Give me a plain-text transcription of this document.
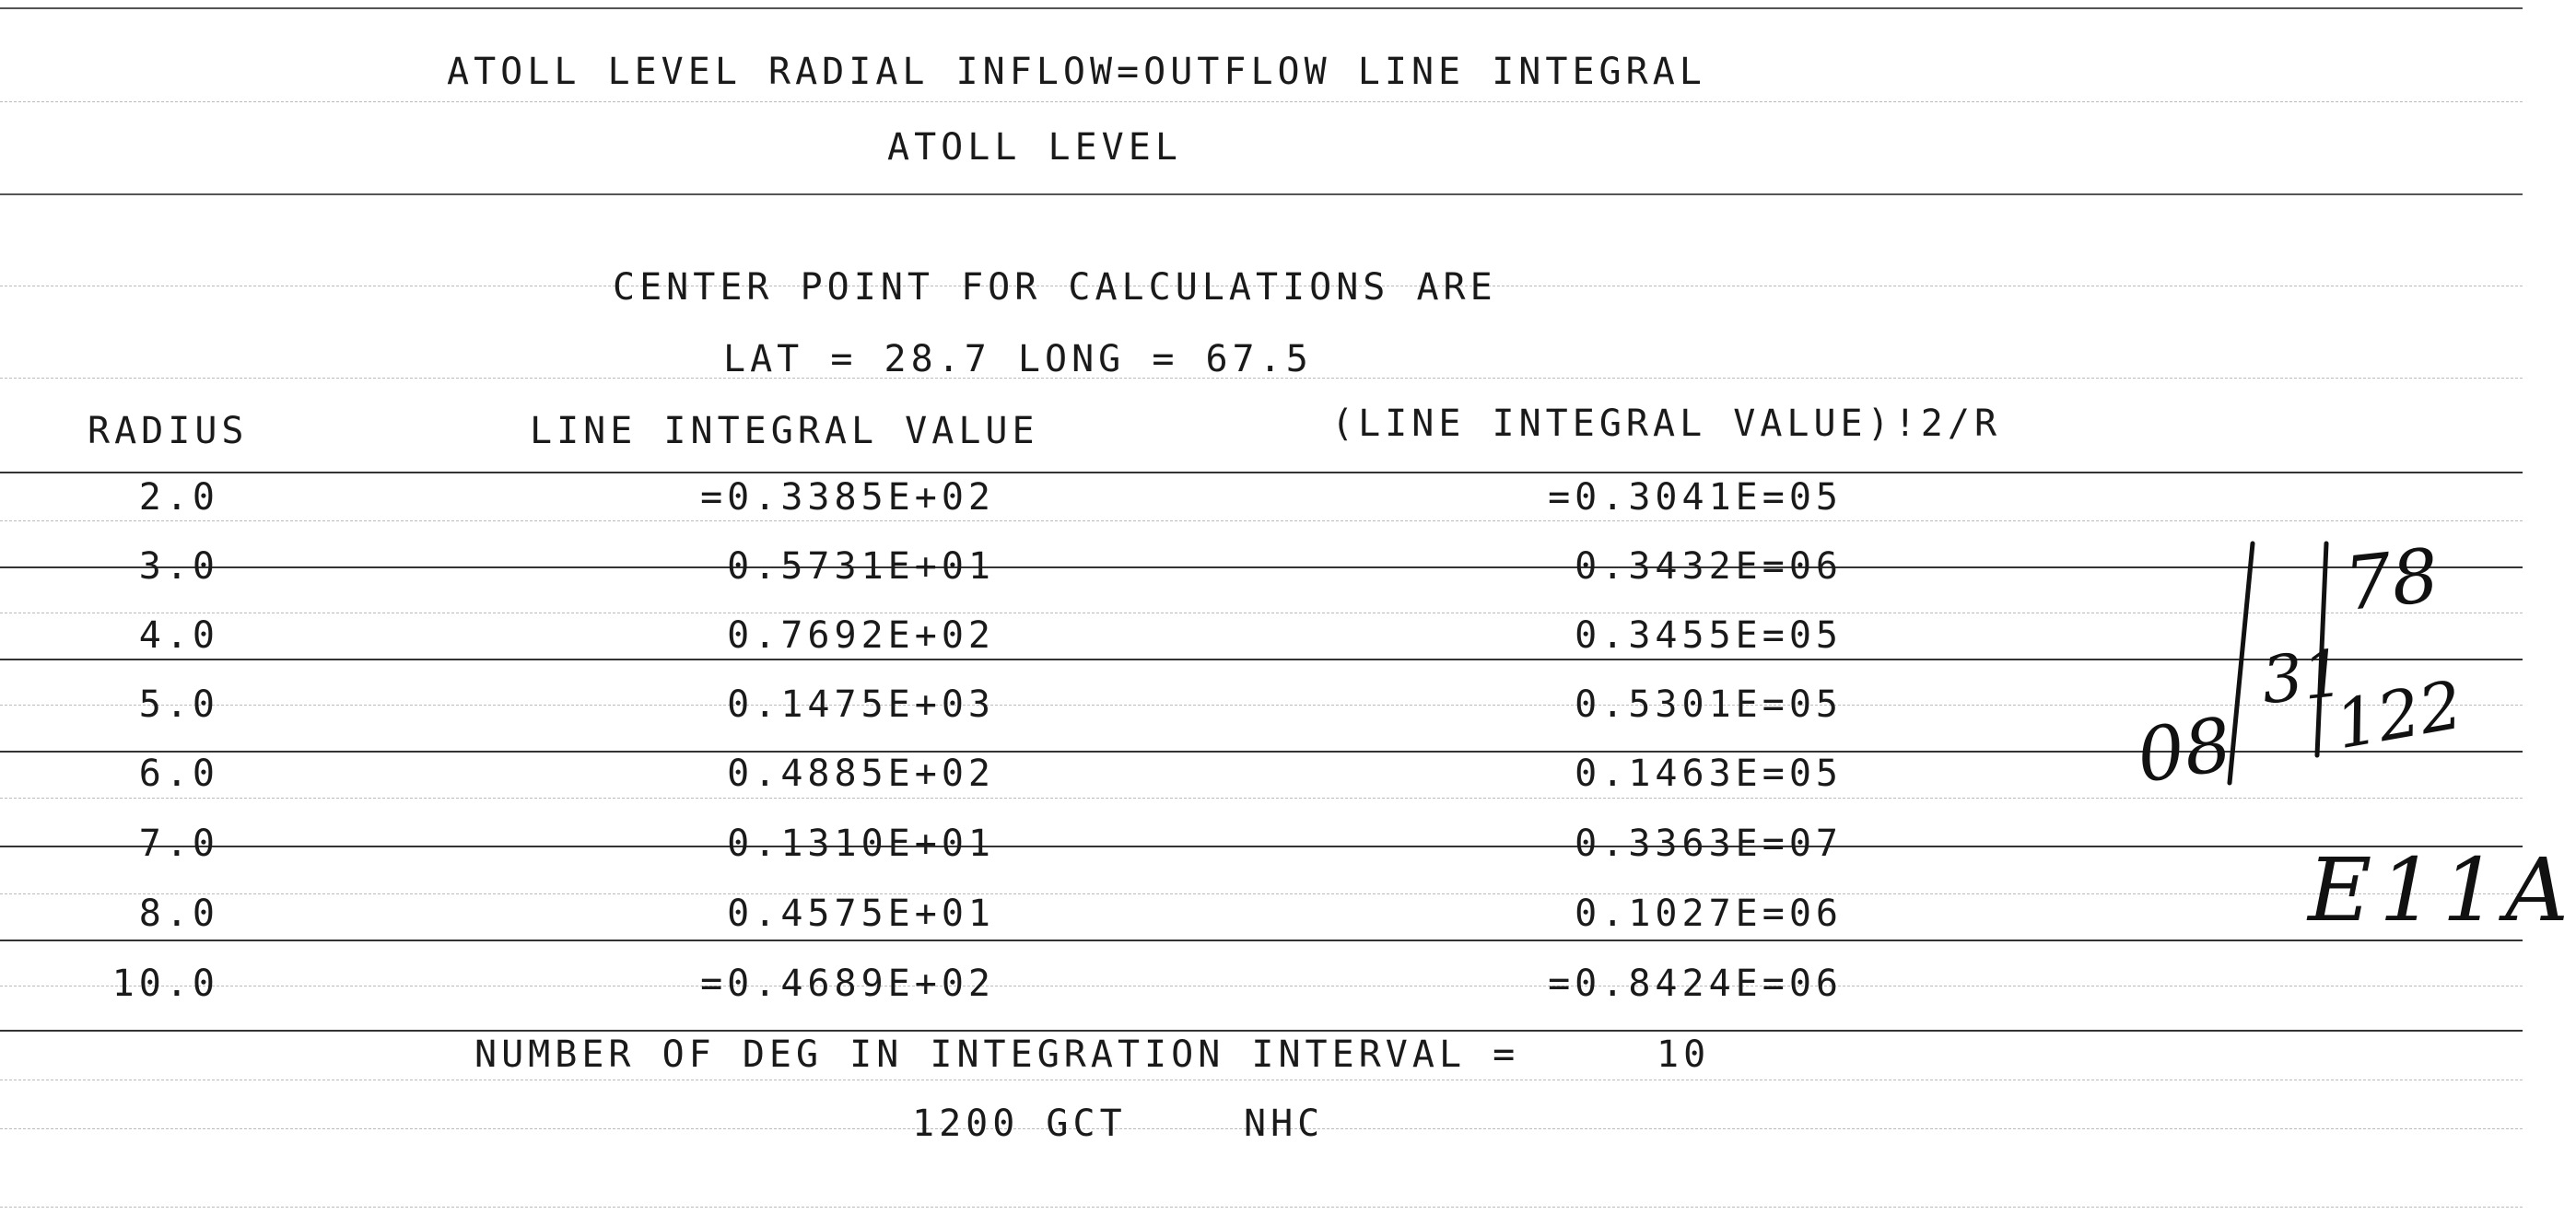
ATOLL LEVEL RADIAL INFLOW=OUTFLOW LINE INTEGRAL
ATOLL LEVEL
CENTER POINT FOR CALCULATIONS ARE
LAT = 28.7 LONG = 67.5
RADIUS	LINE INTEGRAL VALUE	(LINE INTEGRAL VALUE)!2/R
2.0	=0.3385E+02	=0.3041E=05
3.0	0.5731E+01	0.3432E=06
4.0	0.7692E+02	0.3455E=05
5.0	0.1475E+03	0.5301E=05
6.0	0.4885E+02	0.1463E=05
7.0	0.1310E+01	0.3363E=07
8.0	0.4575E+01	0.1027E=06
10.0	=0.4689E+02	=0.8424E=06
NUMBER OF DEG IN INTEGRATION INTERVAL =	10
1200 GCT	NHC
08
31
78
122
E11A
